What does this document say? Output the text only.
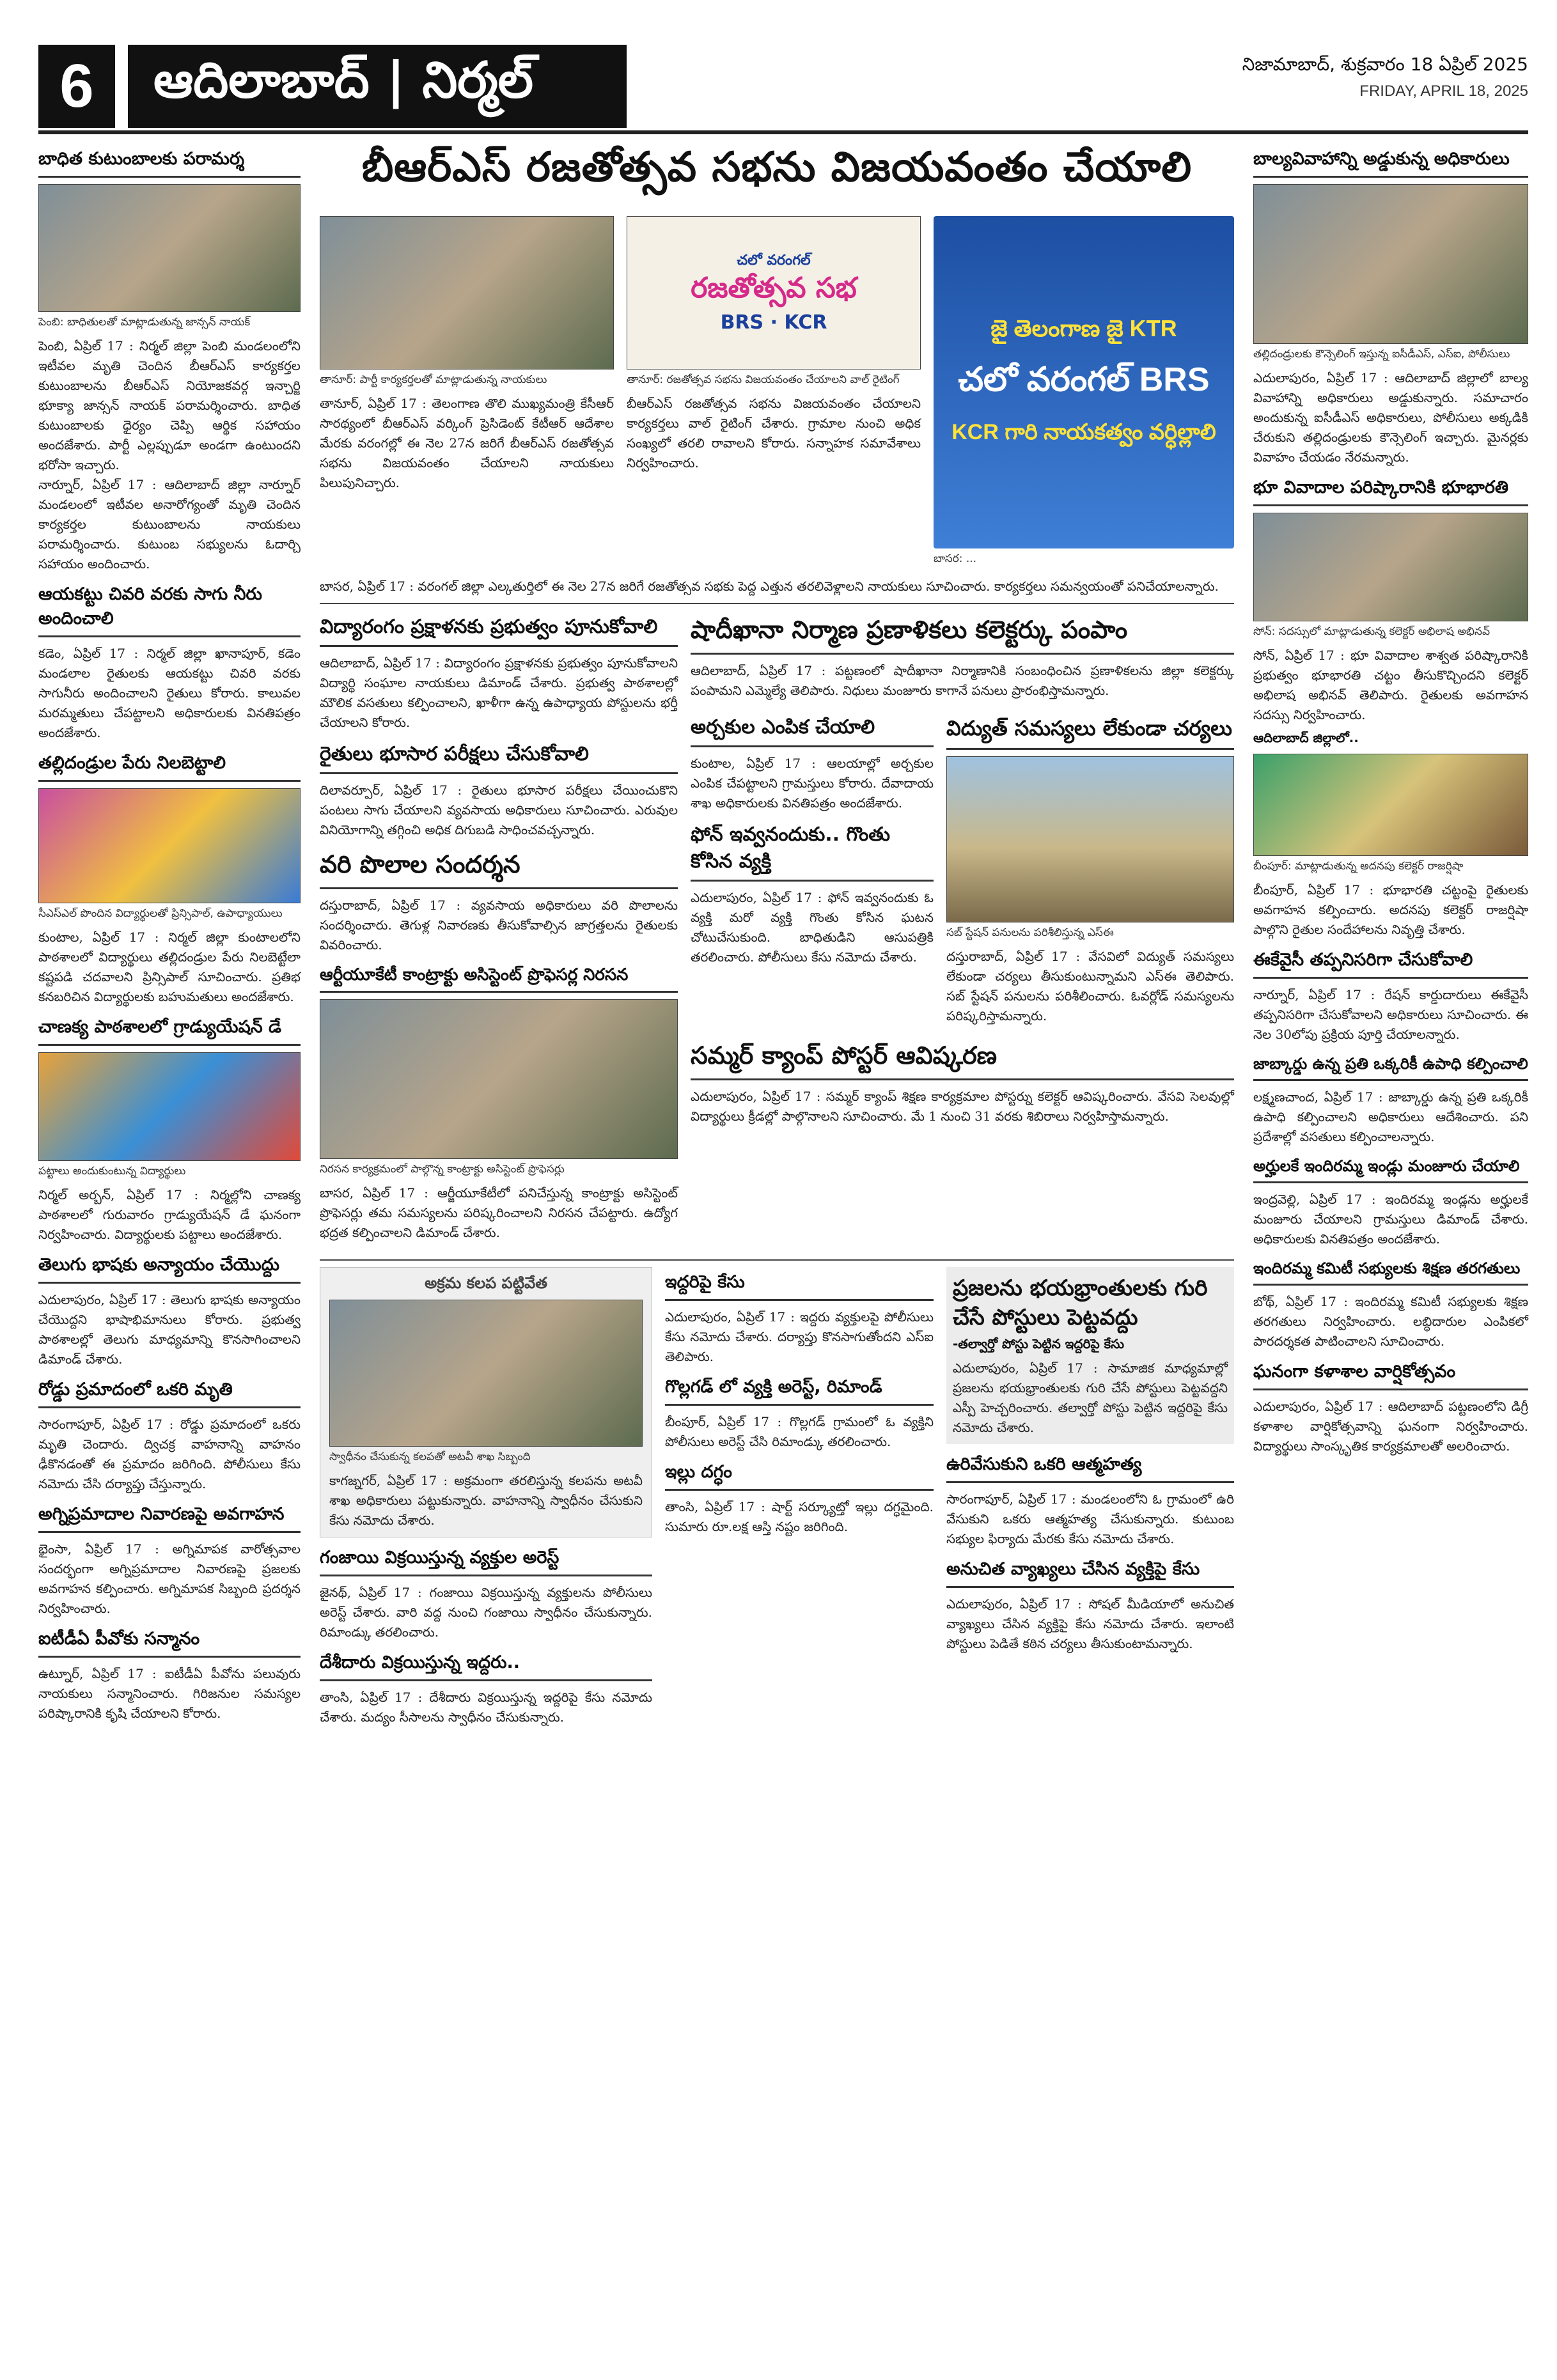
6	ఆదిలాబాద్ | నిర్మల్	నిజామాబాద్, శుక్రవారం 18 ఏప్రిల్ 2025
FRIDAY, APRIL 18, 2025
బాధిత కుటుంబాలకు పరామర్శ
పెంబి: బాధితులతో మాట్లాడుతున్న జాన్సన్ నాయక్

పెంబి, ఏప్రిల్ 17 : నిర్మల్ జిల్లా పెంబి మండలంలోని ఇటీవల మృతి చెందిన బీఆర్ఎస్ కార్యకర్తల కుటుంబాలను బీఆర్ఎస్ నియోజకవర్గ ఇన్చార్జి భూక్యా జాన్సన్ నాయక్ పరామర్శించారు. బాధిత కుటుంబాలకు ధైర్యం చెప్పి ఆర్థిక సహాయం అందజేశారు. పార్టీ ఎల్లప్పుడూ అండగా ఉంటుందని భరోసా ఇచ్చారు.

నార్నూర్, ఏప్రిల్ 17 : ఆదిలాబాద్ జిల్లా నార్నూర్ మండలంలో ఇటీవల అనారోగ్యంతో మృతి చెందిన కార్యకర్తల కుటుంబాలను నాయకులు పరామర్శించారు. కుటుంబ సభ్యులను ఓదార్చి సహాయం అందించారు.

ఆయకట్టు చివరి వరకు సాగు నీరు అందించాలి

కడెం, ఏప్రిల్ 17 : నిర్మల్ జిల్లా ఖానాపూర్, కడెం మండలాల రైతులకు ఆయకట్టు చివరి వరకు సాగునీరు అందించాలని రైతులు కోరారు. కాలువల మరమ్మతులు చేపట్టాలని అధికారులకు వినతిపత్రం అందజేశారు.

తల్లిదండ్రుల పేరు నిలబెట్టాలి
సీఎస్ఎల్ పొందిన విద్యార్థులతో ప్రిన్సిపాల్, ఉపాధ్యాయులు

కుంటాల, ఏప్రిల్ 17 : నిర్మల్ జిల్లా కుంటాలలోని పాఠశాలలో విద్యార్థులు తల్లిదండ్రుల పేరు నిలబెట్టేలా కష్టపడి చదవాలని ప్రిన్సిపాల్ సూచించారు. ప్రతిభ కనబరిచిన విద్యార్థులకు బహుమతులు అందజేశారు.

చాణక్య పాఠశాలలో గ్రాడ్యుయేషన్ డే
పట్టాలు అందుకుంటున్న విద్యార్థులు

నిర్మల్ అర్బన్, ఏప్రిల్ 17 : నిర్మల్లోని చాణక్య పాఠశాలలో గురువారం గ్రాడ్యుయేషన్ డే ఘనంగా నిర్వహించారు. విద్యార్థులకు పట్టాలు అందజేశారు.

తెలుగు భాషకు అన్యాయం చేయొద్దు

ఎదులాపురం, ఏప్రిల్ 17 : తెలుగు భాషకు అన్యాయం చేయొద్దని భాషాభిమానులు కోరారు. ప్రభుత్వ పాఠశాలల్లో తెలుగు మాధ్యమాన్ని కొనసాగించాలని డిమాండ్ చేశారు.

రోడ్డు ప్రమాదంలో ఒకరి మృతి

సారంగాపూర్, ఏప్రిల్ 17 : రోడ్డు ప్రమాదంలో ఒకరు మృతి చెందారు. ద్విచక్ర వాహనాన్ని వాహనం ఢీకొనడంతో ఈ ప్రమాదం జరిగింది. పోలీసులు కేసు నమోదు చేసి దర్యాప్తు చేస్తున్నారు.

అగ్నిప్రమాదాల నివారణపై అవగాహన

భైంసా, ఏప్రిల్ 17 : అగ్నిమాపక వారోత్సవాల సందర్భంగా అగ్నిప్రమాదాల నివారణపై ప్రజలకు అవగాహన కల్పించారు. అగ్నిమాపక సిబ్బంది ప్రదర్శన నిర్వహించారు.

ఐటీడీఏ పీవోకు సన్మానం

ఉట్నూర్, ఏప్రిల్ 17 : ఐటీడీఏ పీవోను పలువురు నాయకులు సన్మానించారు. గిరిజనుల సమస్యల పరిష్కారానికి కృషి చేయాలని కోరారు.

బీఆర్ఎస్ రజతోత్సవ సభను విజయవంతం చేయాలి
తానూర్: పార్టీ కార్యకర్తలతో మాట్లాడుతున్న నాయకులు

తానూర్, ఏప్రిల్ 17 : తెలంగాణ తొలి ముఖ్యమంత్రి కేసీఆర్ సారథ్యంలో బీఆర్ఎస్ వర్కింగ్ ప్రెసిడెంట్ కేటీఆర్ ఆదేశాల మేరకు వరంగల్లో ఈ నెల 27న జరిగే బీఆర్ఎస్ రజతోత్సవ సభను విజయవంతం చేయాలని నాయకులు పిలుపునిచ్చారు.

చలో వరంగల్
రజతోత్సవ సభ
BRS · KCR
తానూర్: రజతోత్సవ సభను విజయవంతం చేయాలని వాల్ రైటింగ్

బీఆర్ఎస్ రజతోత్సవ సభను విజయవంతం చేయాలని కార్యకర్తలు వాల్ రైటింగ్ చేశారు. గ్రామాల నుంచి అధిక సంఖ్యలో తరలి రావాలని కోరారు. సన్నాహక సమావేశాలు నిర్వహించారు.

జై తెలంగాణ జై KTR
చలో వరంగల్ BRS
KCR గారి నాయకత్వం వర్ధిల్లాలి
బాసర: ...

బాసర, ఏప్రిల్ 17 : వరంగల్ జిల్లా ఎల్కతుర్తిలో ఈ నెల 27న జరిగే రజతోత్సవ సభకు పెద్ద ఎత్తున తరలివెళ్లాలని నాయకులు సూచించారు. కార్యకర్తలు సమన్వయంతో పనిచేయాలన్నారు.

విద్యారంగం ప్రక్షాళనకు ప్రభుత్వం పూనుకోవాలి

ఆదిలాబాద్, ఏప్రిల్ 17 : విద్యారంగం ప్రక్షాళనకు ప్రభుత్వం పూనుకోవాలని విద్యార్థి సంఘాల నాయకులు డిమాండ్ చేశారు. ప్రభుత్వ పాఠశాలల్లో మౌలిక వసతులు కల్పించాలని, ఖాళీగా ఉన్న ఉపాధ్యాయ పోస్టులను భర్తీ చేయాలని కోరారు.

రైతులు భూసార పరీక్షలు చేసుకోవాలి

దిలావర్పూర్, ఏప్రిల్ 17 : రైతులు భూసార పరీక్షలు చేయించుకొని పంటలు సాగు చేయాలని వ్యవసాయ అధికారులు సూచించారు. ఎరువుల వినియోగాన్ని తగ్గించి అధిక దిగుబడి సాధించవచ్చన్నారు.

వరి పొలాల సందర్శన

దస్తురాబాద్, ఏప్రిల్ 17 : వ్యవసాయ అధికారులు వరి పొలాలను సందర్శించారు. తెగుళ్ల నివారణకు తీసుకోవాల్సిన జాగ్రత్తలను రైతులకు వివరించారు.

ఆర్టీయూకేటీ కాంట్రాక్టు అసిస్టెంట్ ప్రొఫెసర్ల నిరసన
నిరసన కార్యక్రమంలో పాల్గొన్న కాంట్రాక్టు అసిస్టెంట్ ప్రొఫెసర్లు

బాసర, ఏప్రిల్ 17 : ఆర్జీయూకేటీలో పనిచేస్తున్న కాంట్రాక్టు అసిస్టెంట్ ప్రొఫెసర్లు తమ సమస్యలను పరిష్కరించాలని నిరసన చేపట్టారు. ఉద్యోగ భద్రత కల్పించాలని డిమాండ్ చేశారు.

షాదీఖానా నిర్మాణ ప్రణాళికలు కలెక్టర్కు పంపాం

ఆదిలాబాద్, ఏప్రిల్ 17 : పట్టణంలో షాదీఖానా నిర్మాణానికి సంబంధించిన ప్రణాళికలను జిల్లా కలెక్టర్కు పంపామని ఎమ్మెల్యే తెలిపారు. నిధులు మంజూరు కాగానే పనులు ప్రారంభిస్తామన్నారు.

అర్చకుల ఎంపిక చేయాలి

కుంటాల, ఏప్రిల్ 17 : ఆలయాల్లో అర్చకుల ఎంపిక చేపట్టాలని గ్రామస్తులు కోరారు. దేవాదాయ శాఖ అధికారులకు వినతిపత్రం అందజేశారు.

ఫోన్ ఇవ్వనందుకు.. గొంతు కోసిన వ్యక్తి

ఎదులాపురం, ఏప్రిల్ 17 : ఫోన్ ఇవ్వనందుకు ఓ వ్యక్తి మరో వ్యక్తి గొంతు కోసిన ఘటన చోటుచేసుకుంది. బాధితుడిని ఆసుపత్రికి తరలించారు. పోలీసులు కేసు నమోదు చేశారు.

విద్యుత్ సమస్యలు లేకుండా చర్యలు
సబ్ స్టేషన్ పనులను పరిశీలిస్తున్న ఎస్ఈ

దస్తురాబాద్, ఏప్రిల్ 17 : వేసవిలో విద్యుత్ సమస్యలు లేకుండా చర్యలు తీసుకుంటున్నామని ఎస్ఈ తెలిపారు. సబ్ స్టేషన్ పనులను పరిశీలించారు. ఓవర్లోడ్ సమస్యలను పరిష్కరిస్తామన్నారు.

సమ్మర్ క్యాంప్ పోస్టర్ ఆవిష్కరణ

ఎదులాపురం, ఏప్రిల్ 17 : సమ్మర్ క్యాంప్ శిక్షణ కార్యక్రమాల పోస్టర్ను కలెక్టర్ ఆవిష్కరించారు. వేసవి సెలవుల్లో విద్యార్థులు క్రీడల్లో పాల్గొనాలని సూచించారు. మే 1 నుంచి 31 వరకు శిబిరాలు నిర్వహిస్తామన్నారు.

అక్రమ కలప పట్టివేత
స్వాధీనం చేసుకున్న కలపతో అటవీ శాఖ సిబ్బంది

కాగజ్నగర్, ఏప్రిల్ 17 : అక్రమంగా తరలిస్తున్న కలపను అటవీ శాఖ అధికారులు పట్టుకున్నారు. వాహనాన్ని స్వాధీనం చేసుకుని కేసు నమోదు చేశారు.

గంజాయి విక్రయిస్తున్న వ్యక్తుల అరెస్ట్

జైనథ్, ఏప్రిల్ 17 : గంజాయి విక్రయిస్తున్న వ్యక్తులను పోలీసులు అరెస్ట్ చేశారు. వారి వద్ద నుంచి గంజాయి స్వాధీనం చేసుకున్నారు. రిమాండ్కు తరలించారు.

దేశీదారు విక్రయిస్తున్న ఇద్దరు..

తాంసి, ఏప్రిల్ 17 : దేశీదారు విక్రయిస్తున్న ఇద్దరిపై కేసు నమోదు చేశారు. మద్యం సీసాలను స్వాధీనం చేసుకున్నారు.

ఇద్దరిపై కేసు

ఎదులాపురం, ఏప్రిల్ 17 : ఇద్దరు వ్యక్తులపై పోలీసులు కేసు నమోదు చేశారు. దర్యాప్తు కొనసాగుతోందని ఎస్ఐ తెలిపారు.

గొల్లగడ్ లో వ్యక్తి అరెస్ట్, రిమాండ్

బీంపూర్, ఏప్రిల్ 17 : గొల్లగడ్ గ్రామంలో ఓ వ్యక్తిని పోలీసులు అరెస్ట్ చేసి రిమాండ్కు తరలించారు.

ఇల్లు దగ్ధం

తాంసి, ఏప్రిల్ 17 : షార్ట్ సర్క్యూట్తో ఇల్లు దగ్ధమైంది. సుమారు రూ.లక్ష ఆస్తి నష్టం జరిగింది.

ప్రజలను భయభ్రాంతులకు గురి చేసే పోస్టులు పెట్టవద్దు
-తల్వార్తో పోస్టు పెట్టిన ఇద్దరిపై కేసు

ఎదులాపురం, ఏప్రిల్ 17 : సామాజిక మాధ్యమాల్లో ప్రజలను భయభ్రాంతులకు గురి చేసే పోస్టులు పెట్టవద్దని ఎస్పీ హెచ్చరించారు. తల్వార్తో పోస్టు పెట్టిన ఇద్దరిపై కేసు నమోదు చేశారు.

ఉరివేసుకుని ఒకరి ఆత్మహత్య

సారంగాపూర్, ఏప్రిల్ 17 : మండలంలోని ఓ గ్రామంలో ఉరి వేసుకుని ఒకరు ఆత్మహత్య చేసుకున్నారు. కుటుంబ సభ్యుల ఫిర్యాదు మేరకు కేసు నమోదు చేశారు.

అనుచిత వ్యాఖ్యలు చేసిన వ్యక్తిపై కేసు

ఎదులాపురం, ఏప్రిల్ 17 : సోషల్ మీడియాలో అనుచిత వ్యాఖ్యలు చేసిన వ్యక్తిపై కేసు నమోదు చేశారు. ఇలాంటి పోస్టులు పెడితే కఠిన చర్యలు తీసుకుంటామన్నారు.

బాల్యవివాహాన్ని అడ్డుకున్న అధికారులు
తల్లిదండ్రులకు కౌన్సెలింగ్ ఇస్తున్న ఐసీడీఎస్, ఎస్ఐ, పోలీసులు

ఎదులాపురం, ఏప్రిల్ 17 : ఆదిలాబాద్ జిల్లాలో బాల్య వివాహాన్ని అధికారులు అడ్డుకున్నారు. సమాచారం అందుకున్న ఐసీడీఎస్ అధికారులు, పోలీసులు అక్కడికి చేరుకుని తల్లిదండ్రులకు కౌన్సెలింగ్ ఇచ్చారు. మైనర్లకు వివాహం చేయడం నేరమన్నారు.

భూ వివాదాల పరిష్కారానికి భూభారతి
సోన్: సదస్సులో మాట్లాడుతున్న కలెక్టర్ అభిలాష అభినవ్

సోన్, ఏప్రిల్ 17 : భూ వివాదాల శాశ్వత పరిష్కారానికి ప్రభుత్వం భూభారతి చట్టం తీసుకొచ్చిందని కలెక్టర్ అభిలాష అభినవ్ తెలిపారు. రైతులకు అవగాహన సదస్సు నిర్వహించారు.

ఆదిలాబాద్ జిల్లాలో..
బీంపూర్: మాట్లాడుతున్న అదనపు కలెక్టర్ రాజర్షిషా

బీంపూర్, ఏప్రిల్ 17 : భూభారతి చట్టంపై రైతులకు అవగాహన కల్పించారు. అదనపు కలెక్టర్ రాజర్షిషా పాల్గొని రైతుల సందేహాలను నివృత్తి చేశారు.

ఈకేవైసీ తప్పనిసరిగా చేసుకోవాలి

నార్నూర్, ఏప్రిల్ 17 : రేషన్ కార్డుదారులు ఈకేవైసీ తప్పనిసరిగా చేసుకోవాలని అధికారులు సూచించారు. ఈ నెల 30లోపు ప్రక్రియ పూర్తి చేయాలన్నారు.

జాబ్కార్డు ఉన్న ప్రతి ఒక్కరికీ ఉపాధి కల్పించాలి

లక్ష్మణచాంద, ఏప్రిల్ 17 : జాబ్కార్డు ఉన్న ప్రతి ఒక్కరికీ ఉపాధి కల్పించాలని అధికారులు ఆదేశించారు. పని ప్రదేశాల్లో వసతులు కల్పించాలన్నారు.

అర్హులకే ఇందిరమ్మ ఇండ్లు మంజూరు చేయాలి

ఇంద్రవెల్లి, ఏప్రిల్ 17 : ఇందిరమ్మ ఇండ్లను అర్హులకే మంజూరు చేయాలని గ్రామస్తులు డిమాండ్ చేశారు. అధికారులకు వినతిపత్రం అందజేశారు.

ఇందిరమ్మ కమిటీ సభ్యులకు శిక్షణ తరగతులు

బోథ్, ఏప్రిల్ 17 : ఇందిరమ్మ కమిటీ సభ్యులకు శిక్షణ తరగతులు నిర్వహించారు. లబ్ధిదారుల ఎంపికలో పారదర్శకత పాటించాలని సూచించారు.

ఘనంగా కళాశాల వార్షికోత్సవం

ఎదులాపురం, ఏప్రిల్ 17 : ఆదిలాబాద్ పట్టణంలోని డిగ్రీ కళాశాల వార్షికోత్సవాన్ని ఘనంగా నిర్వహించారు. విద్యార్థులు సాంస్కృతిక కార్యక్రమాలతో అలరించారు.
